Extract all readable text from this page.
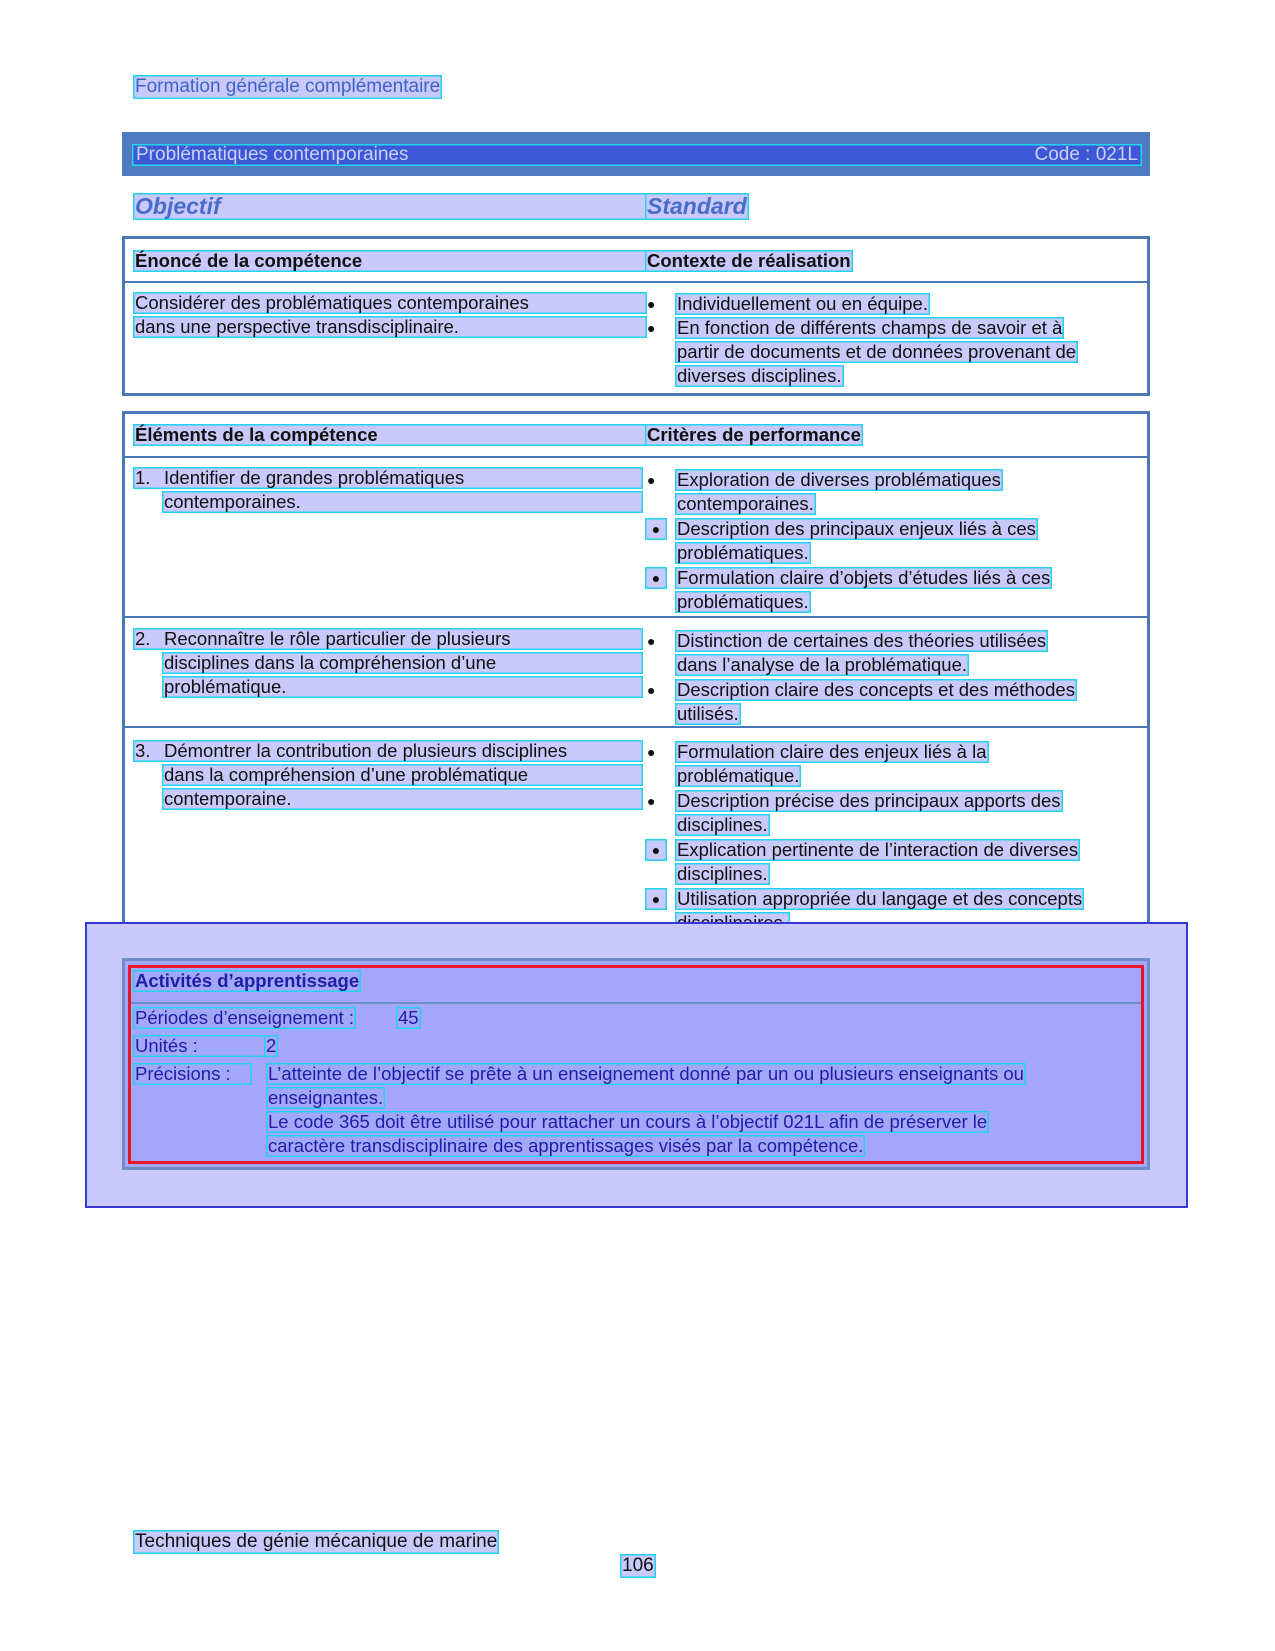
Formation générale complémentaire
Problématiques contemporaines	Code : 021L
Objectif	Standard
Énoncé de la compétence	Contexte de réalisation
Considérer des problématiques contemporaines
dans une perspective transdisciplinaire.
●	Individuellement ou en équipe.
●	En fonction de différents champs de savoir et à
partir de documents et de données provenant de
diverses disciplines.
Éléments de la compétence	Critères de performance
1. Identifier de grandes problématiques
contemporaines.
●	Exploration de diverses problématiques
contemporaines.
● Description des principaux enjeux liés à ces
problématiques.
● Formulation claire d’objets d’études liés à ces
problématiques.
2. Reconnaître le rôle particulier de plusieurs
disciplines dans la compréhension d’une
problématique.
●	Distinction de certaines des théories utilisées
dans l’analyse de la problématique.
●	Description claire des concepts et des méthodes
utilisés.
3. Démontrer la contribution de plusieurs disciplines
dans la compréhension d’une problématique
contemporaine.
●	Formulation claire des enjeux liés à la
problématique.
●	Description précise des principaux apports des
disciplines.
● Explication pertinente de l’interaction de diverses
disciplines.
● Utilisation appropriée du langage et des concepts
Activités d’apprentissage
Périodes d’enseignement : 45
Unités :	2
Précisions :	L’atteinte de l’objectif se prête à un enseignement donné par un ou plusieurs enseignants ou
enseignantes.
Le code 365 doit être utilisé pour rattacher un cours à l’objectif 021L afin de préserver le
caractère transdisciplinaire des apprentissages visés par la compétence.
Techniques de génie mécanique de marine
106
